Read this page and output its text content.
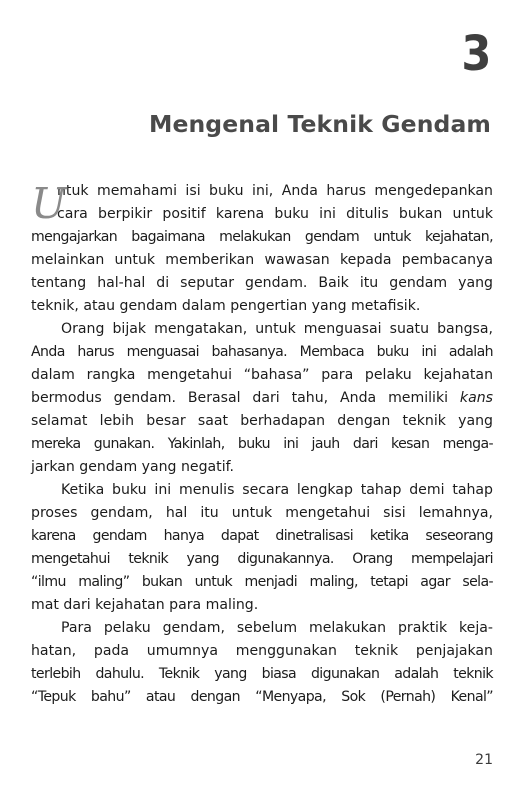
3
Mengenal Teknik Gendam
U
ntuk memahami isi buku ini, Anda harus mengedepankan
cara berpikir positif karena buku ini ditulis bukan untuk
mengajarkan bagaimana melakukan gendam untuk kejahatan,
melainkan untuk memberikan wawasan kepada pembacanya
tentang hal-hal di seputar gendam. Baik itu gendam yang
teknik, atau gendam dalam pengertian yang metafisik.
Orang bijak mengatakan, untuk menguasai suatu bangsa,
Anda harus menguasai bahasanya. Membaca buku ini adalah
dalam rangka mengetahui “bahasa” para pelaku kejahatan
bermodus gendam. Berasal dari tahu, Anda memiliki kans
selamat lebih besar saat berhadapan dengan teknik yang
mereka gunakan. Yakinlah, buku ini jauh dari kesan menga-
jarkan gendam yang negatif.
Ketika buku ini menulis secara lengkap tahap demi tahap
proses gendam, hal itu untuk mengetahui sisi lemahnya,
karena gendam hanya dapat dinetralisasi ketika seseorang
mengetahui teknik yang digunakannya. Orang mempelajari
“ilmu maling” bukan untuk menjadi maling, tetapi agar sela-
mat dari kejahatan para maling.
Para pelaku gendam, sebelum melakukan praktik keja-
hatan, pada umumnya menggunakan teknik penjajakan
terlebih dahulu. Teknik yang biasa digunakan adalah teknik
“Tepuk bahu” atau dengan “Menyapa, Sok (Pernah) Kenal”
21
